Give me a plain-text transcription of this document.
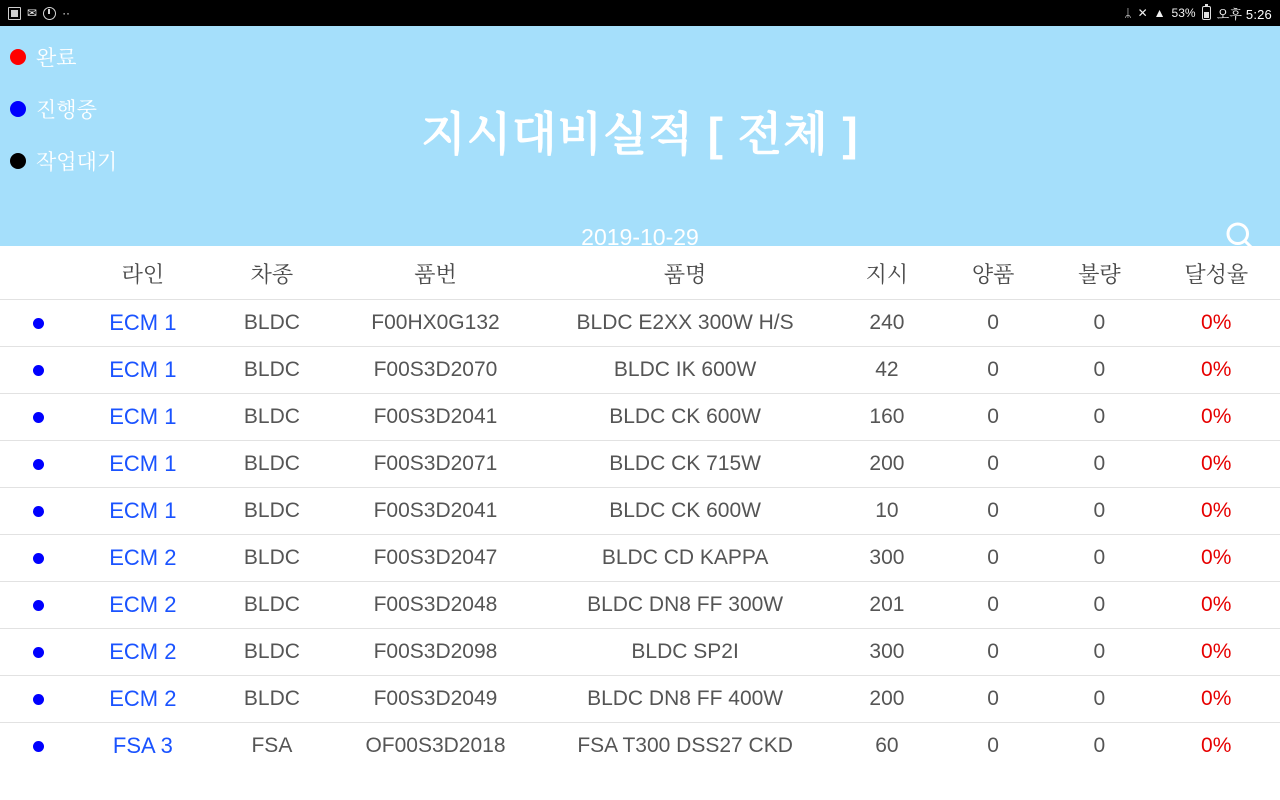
✉ ··	ᛦ ✕ ▲ 53% 오후 5:26
완료
진행중
작업대기
지시대비실적 [ 전체 ]
2019-10-29
	라인	차종	품번	품명	지시	양품	불량	달성율
	ECM 1	BLDC	F00HX0G132	BLDC E2XX 300W H/S	240	0	0	0%
	ECM 1	BLDC	F00S3D2070	BLDC IK 600W	42	0	0	0%
	ECM 1	BLDC	F00S3D2041	BLDC CK 600W	160	0	0	0%
	ECM 1	BLDC	F00S3D2071	BLDC CK 715W	200	0	0	0%
	ECM 1	BLDC	F00S3D2041	BLDC CK 600W	10	0	0	0%
	ECM 2	BLDC	F00S3D2047	BLDC CD KAPPA	300	0	0	0%
	ECM 2	BLDC	F00S3D2048	BLDC DN8 FF 300W	201	0	0	0%
	ECM 2	BLDC	F00S3D2098	BLDC SP2I	300	0	0	0%
	ECM 2	BLDC	F00S3D2049	BLDC DN8 FF 400W	200	0	0	0%
	FSA 3	FSA	OF00S3D2018	FSA T300 DSS27 CKD	60	0	0	0%
